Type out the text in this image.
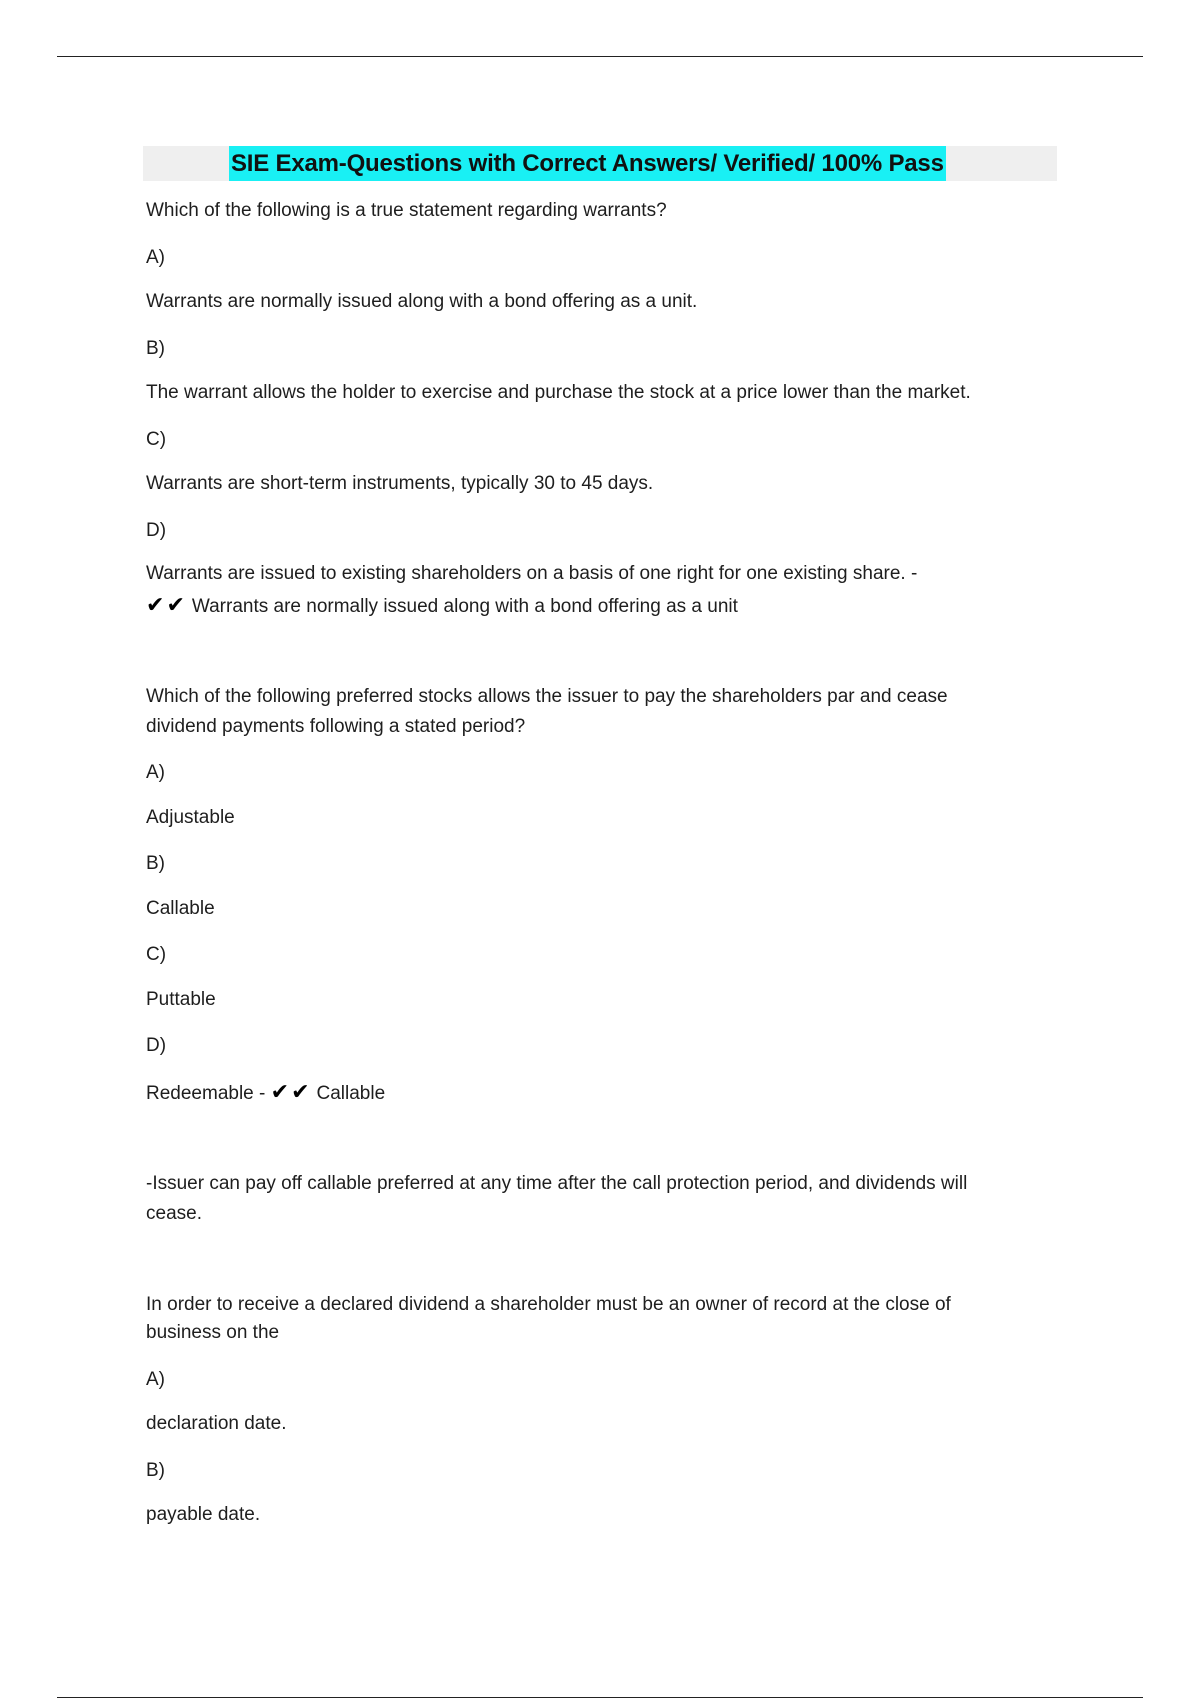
SIE Exam-Questions with Correct Answers/ Verified/ 100% Pass
Which of the following is a true statement regarding warrants?
A)
Warrants are normally issued along with a bond offering as a unit.
B)
The warrant allows the holder to exercise and purchase the stock at a price lower than the market.
C)
Warrants are short-term instruments, typically 30 to 45 days.
D)
Warrants are issued to existing shareholders on a basis of one right for one existing share. -
✔✔ Warrants are normally issued along with a bond offering as a unit
Which of the following preferred stocks allows the issuer to pay the shareholders par and cease
dividend payments following a stated period?
A)
Adjustable
B)
Callable
C)
Puttable
D)
Redeemable - ✔✔ Callable
-Issuer can pay off callable preferred at any time after the call protection period, and dividends will
cease.
In order to receive a declared dividend a shareholder must be an owner of record at the close of
business on the
A)
declaration date.
B)
payable date.
